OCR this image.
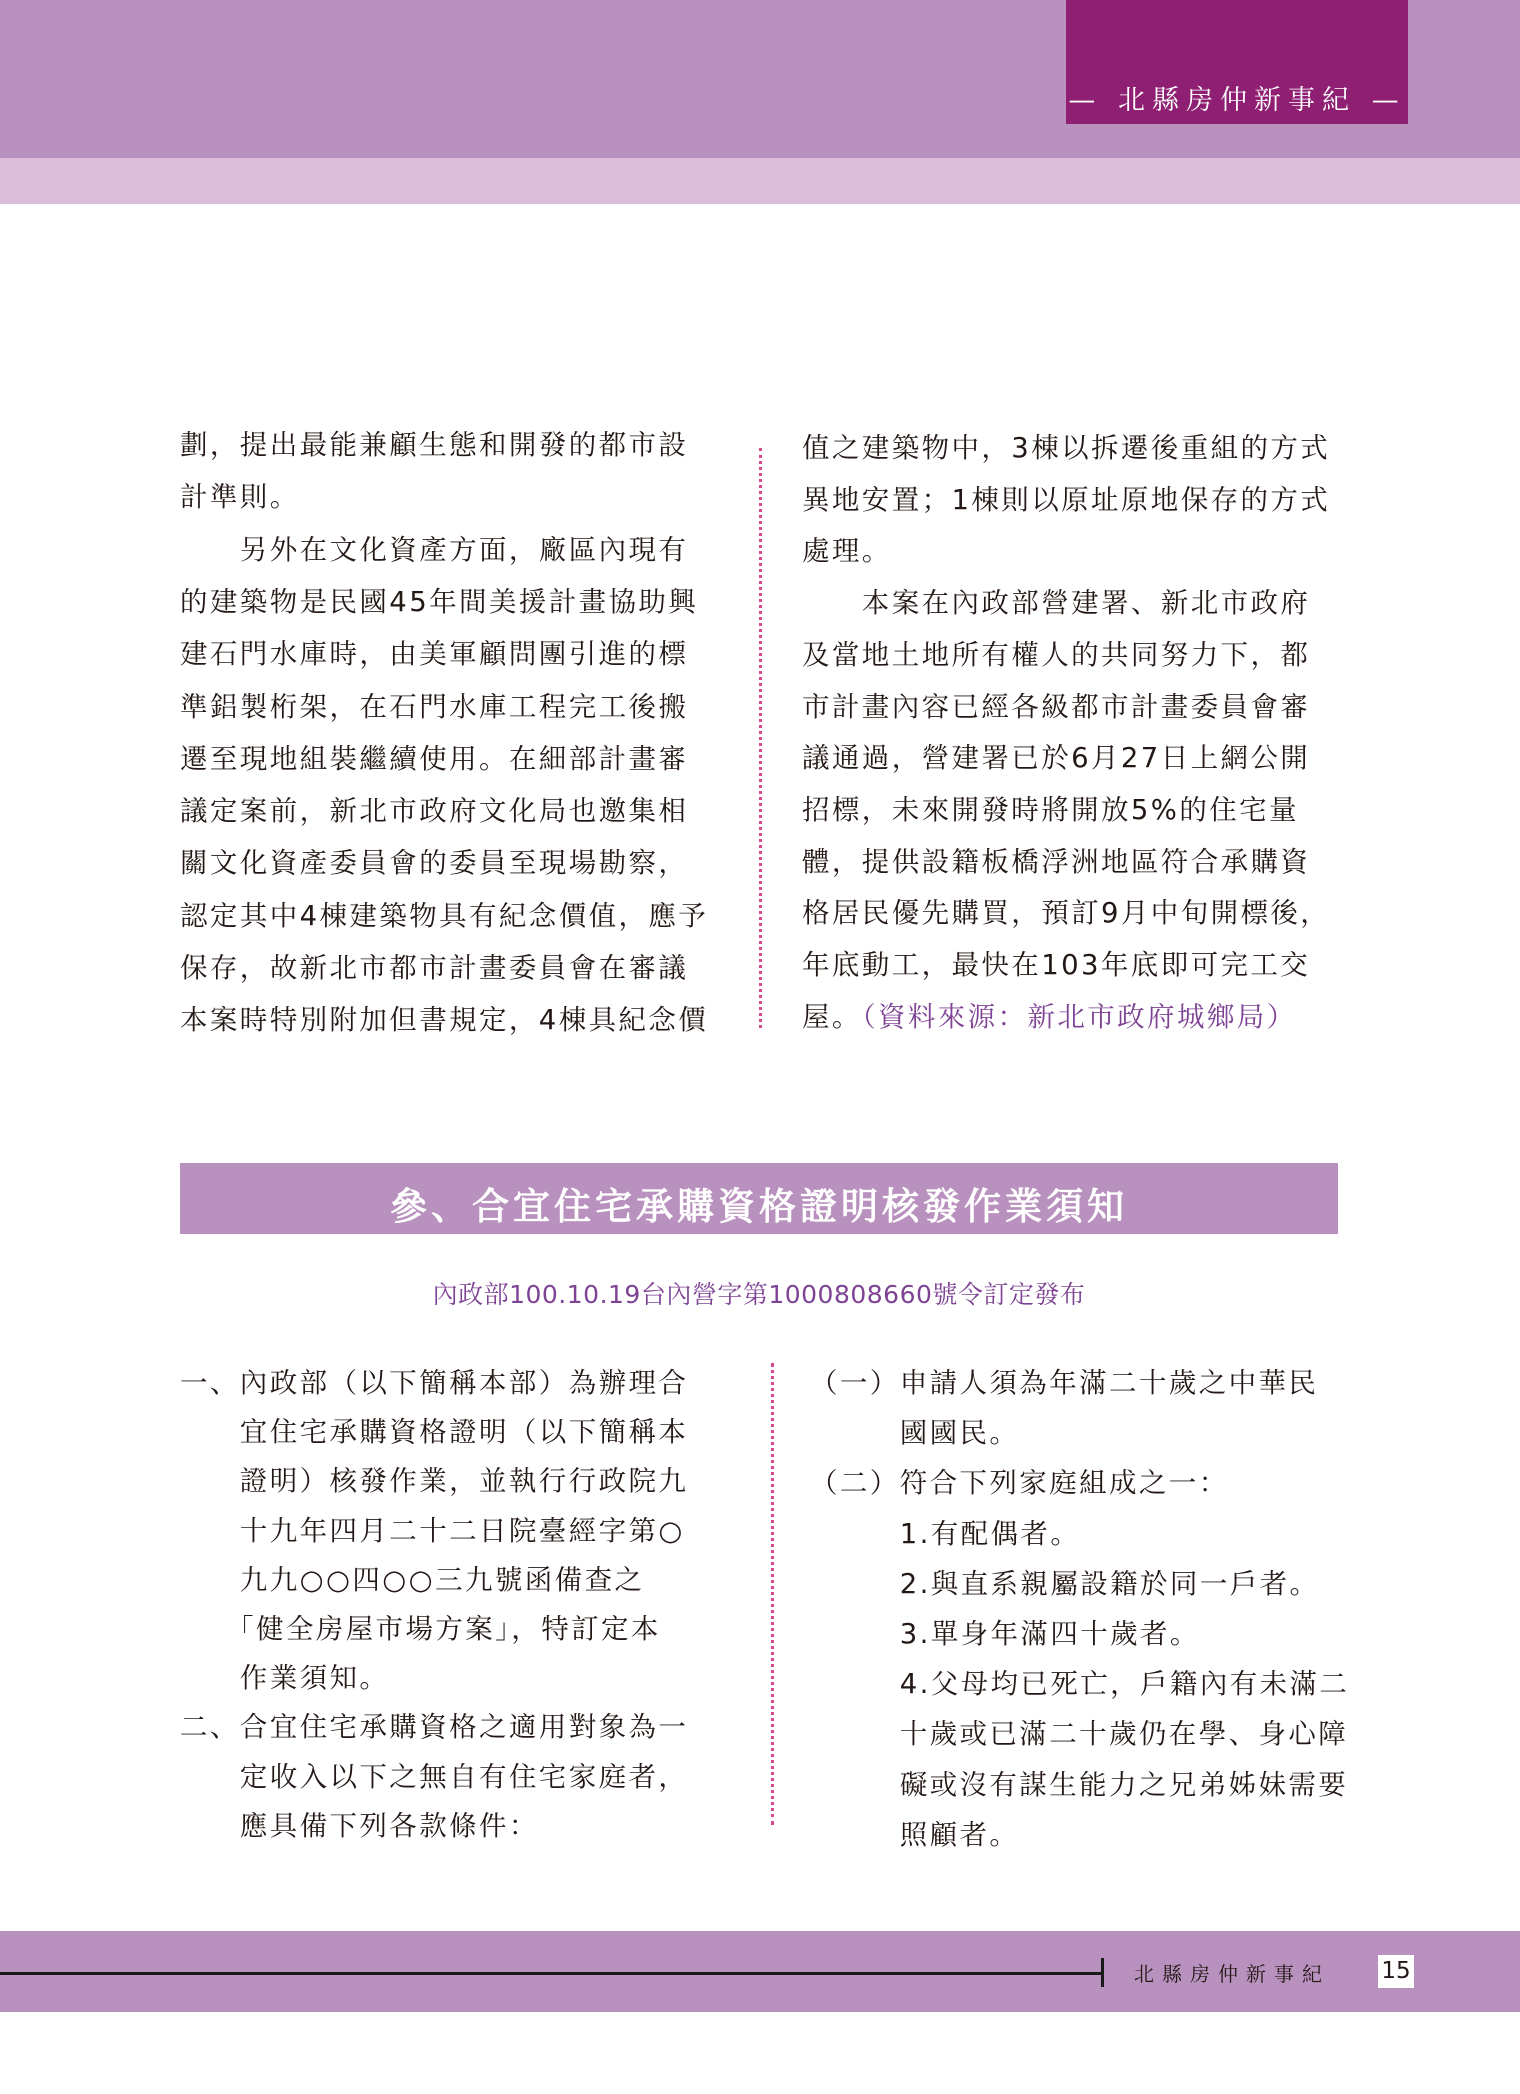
— 北縣房仲新事紀 —
劃，提出最能兼顧生態和開發的都市設
計準則。
　　另外在文化資產方面，廠區內現有
的建築物是民國45年間美援計畫協助興
建石門水庫時，由美軍顧問團引進的標
準鋁製桁架，在石門水庫工程完工後搬
遷至現地組裝繼續使用。在細部計畫審
議定案前，新北市政府文化局也邀集相
關文化資產委員會的委員至現場勘察，
認定其中4棟建築物具有紀念價值，應予
保存，故新北市都市計畫委員會在審議
本案時特別附加但書規定，4棟具紀念價
值之建築物中，3棟以拆遷後重組的方式
異地安置；1棟則以原址原地保存的方式
處理。
　　本案在內政部營建署、新北市政府
及當地土地所有權人的共同努力下，都
市計畫內容已經各級都市計畫委員會審
議通過，營建署已於6月27日上網公開
招標，未來開發時將開放5%的住宅量
體，提供設籍板橋浮洲地區符合承購資
格居民優先購買，預訂9月中旬開標後，
年底動工，最快在103年底即可完工交
屋。（資料來源：新北市政府城鄉局）
參、合宜住宅承購資格證明核發作業須知
內政部100.10.19台內營字第1000808660號令訂定發布
一、內政部（以下簡稱本部）為辦理合
　　宜住宅承購資格證明（以下簡稱本
　　證明）核發作業，並執行行政院九
　　十九年四月二十二日院臺經字第○
　　九九○○四○○三九號函備查之
　　「健全房屋市場方案」，特訂定本
　　作業須知。
二、合宜住宅承購資格之適用對象為一
　　定收入以下之無自有住宅家庭者，
　　應具備下列各款條件：
（一）申請人須為年滿二十歲之中華民
　　　國國民。
（二）符合下列家庭組成之一：
　　　1.有配偶者。
　　　2.與直系親屬設籍於同一戶者。
　　　3.單身年滿四十歲者。
　　　4.父母均已死亡，戶籍內有未滿二
　　　十歲或已滿二十歲仍在學、身心障
　　　礙或沒有謀生能力之兄弟姊妹需要
　　　照顧者。
北縣房仲新事紀 15
